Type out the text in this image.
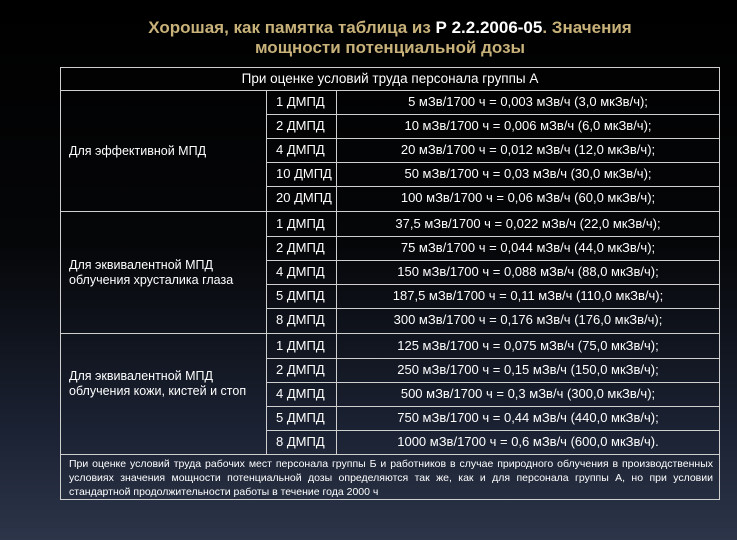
Хорошая, как памятка таблица из Р 2.2.2006-05. Значения
мощности потенциальной дозы
При оценке условий труда персонала группы А
Для эффективной МПД
1 ДМПД	5 мЗв/1700 ч = 0,003 мЗв/ч (3,0 мкЗв/ч);
2 ДМПД	10 мЗв/1700 ч = 0,006 мЗв/ч (6,0 мкЗв/ч);
4 ДМПД	20 мЗв/1700 ч = 0,012 мЗв/ч (12,0 мкЗв/ч);
10 ДМПД	50 мЗв/1700 ч = 0,03 мЗв/ч (30,0 мкЗв/ч);
20 ДМПД	100 мЗв/1700 ч = 0,06 мЗв/ч (60,0 мкЗв/ч);
Для эквивалентной МПД облучения хрусталика глаза
1 ДМПД	37,5 мЗв/1700 ч = 0,022 мЗв/ч (22,0 мкЗв/ч);
2 ДМПД	75 мЗв/1700 ч = 0,044 мЗв/ч (44,0 мкЗв/ч);
4 ДМПД	150 мЗв/1700 ч = 0,088 мЗв/ч (88,0 мкЗв/ч);
5 ДМПД	187,5 мЗв/1700 ч = 0,11 мЗв/ч (110,0 мкЗв/ч);
8 ДМПД	300 мЗв/1700 ч = 0,176 мЗв/ч (176,0 мкЗв/ч);
Для эквивалентной МПД облучения кожи, кистей и стоп
1 ДМПД	125 мЗв/1700 ч = 0,075 мЗв/ч (75,0 мкЗв/ч);
2 ДМПД	250 мЗв/1700 ч = 0,15 мЗв/ч (150,0 мкЗв/ч);
4 ДМПД	500 мЗв/1700 ч = 0,3 мЗв/ч (300,0 мкЗв/ч);
5 ДМПД	750 мЗв/1700 ч = 0,44 мЗв/ч (440,0 мкЗв/ч);
8 ДМПД	1000 мЗв/1700 ч = 0,6 мЗв/ч (600,0 мкЗв/ч).
При оценке условий труда рабочих мест персонала группы Б и работников в случае природного облучения в производственных условиях значения мощности потенциальной дозы определяются так же, как и для персонала группы А, но при условии стандартной продолжительности работы в течение года 2000 ч
